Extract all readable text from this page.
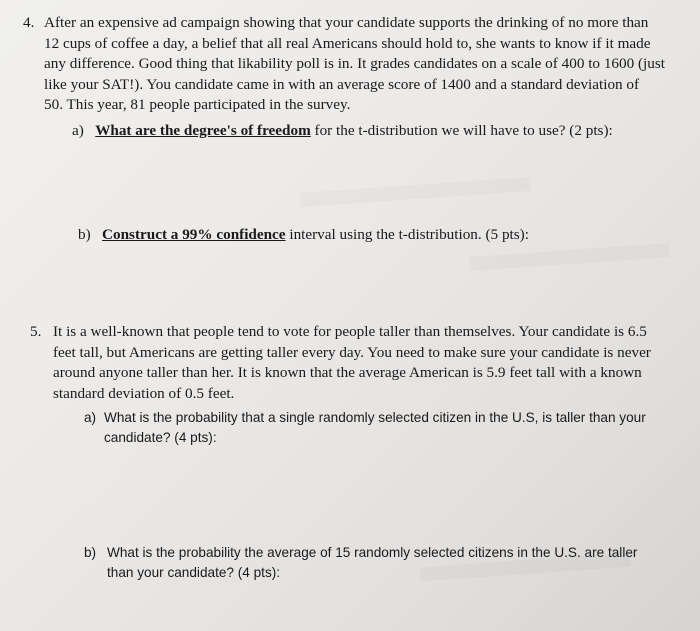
4. After an expensive ad campaign showing that your candidate supports the drinking of no more than
12 cups of coffee a day, a belief that all real Americans should hold to, she wants to know if it made
any difference. Good thing that likability poll is in. It grades candidates on a scale of 400 to 1600 (just
like your SAT!). You candidate came in with an average score of 1400 and a standard deviation of
50. This year, 81 people participated in the survey.
a) What are the degree's of freedom for the t-distribution we will have to use? (2 pts):
b) Construct a 99% confidence interval using the t-distribution. (5 pts):
5. It is a well-known that people tend to vote for people taller than themselves. Your candidate is 6.5
feet tall, but Americans are getting taller every day. You need to make sure your candidate is never
around anyone taller than her. It is known that the average American is 5.9 feet tall with a known
standard deviation of 0.5 feet.
a) What is the probability that a single randomly selected citizen in the U.S, is taller than your
candidate? (4 pts):
b) What is the probability the average of 15 randomly selected citizens in the U.S. are taller
than your candidate? (4 pts):
